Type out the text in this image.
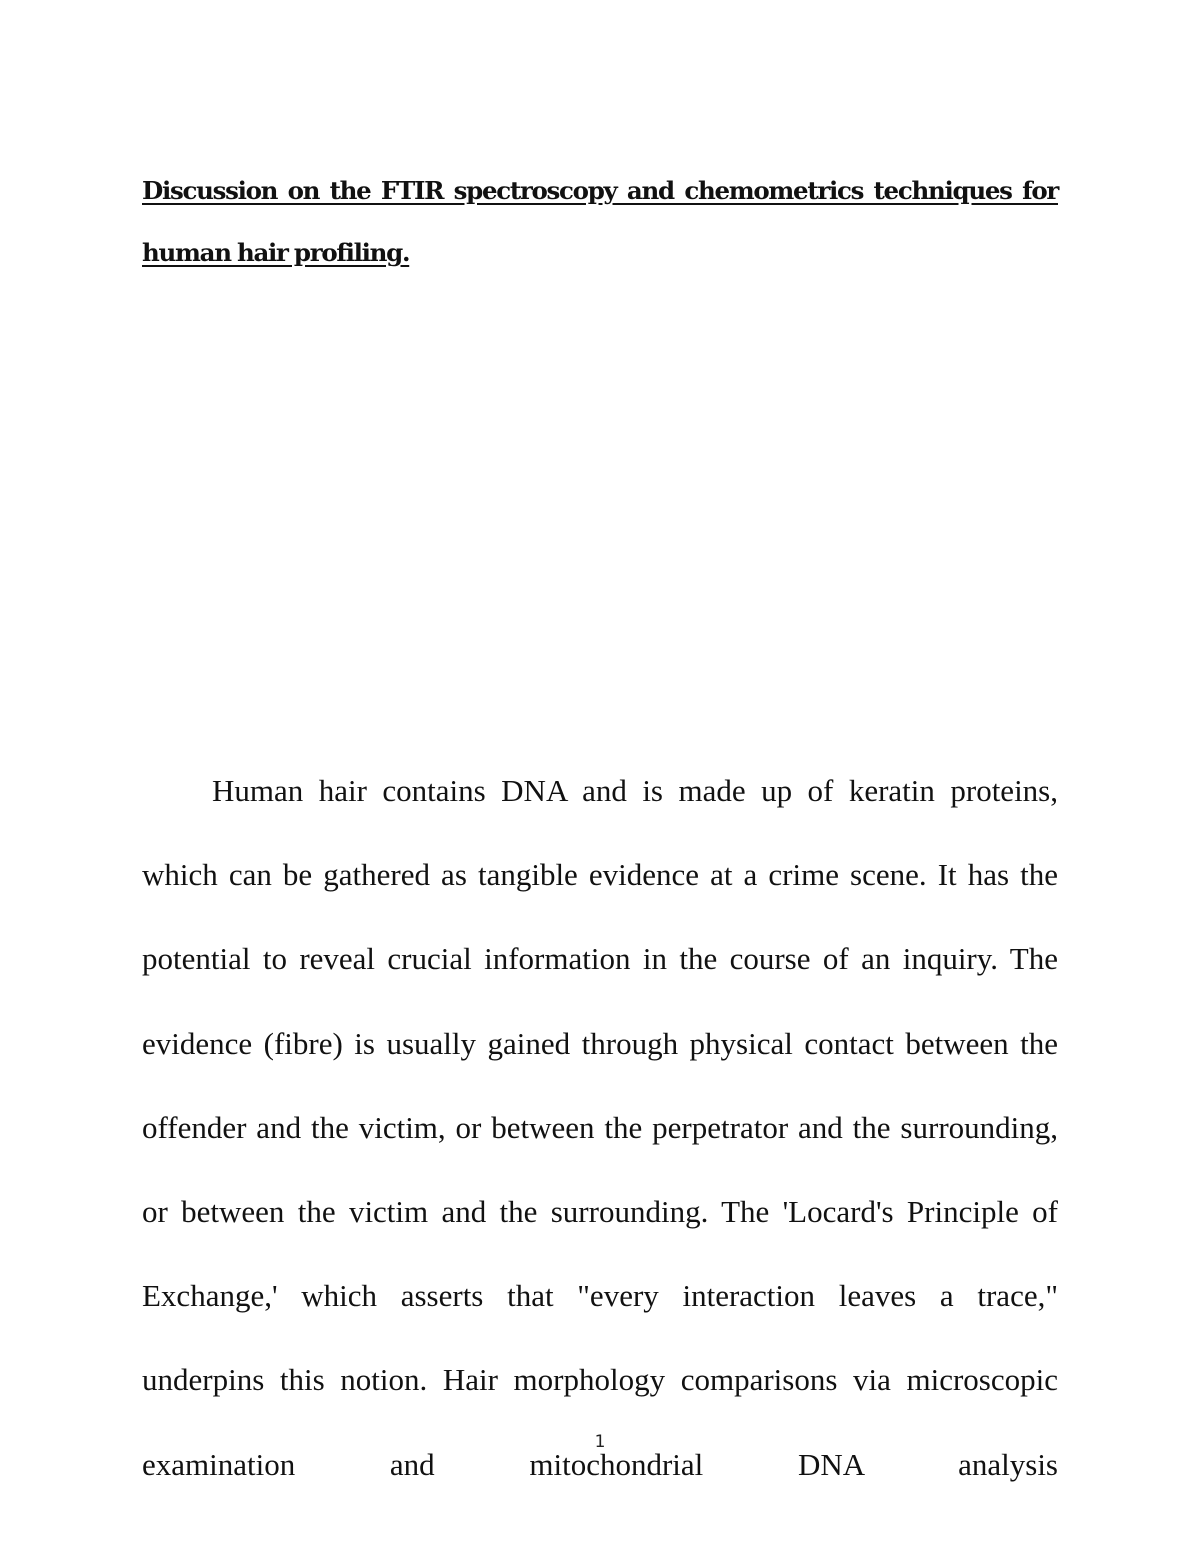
Discussion on the FTIR spectroscopy and chemometrics techniques for human hair profiling.

Human hair contains DNA and is made up of keratin proteins, which can be gathered as tangible evidence at a crime scene. It has the potential to reveal crucial information in the course of an inquiry. The evidence (fibre) is usually gained through physical contact between the offender and the victim, or between the perpetrator and the surrounding, or between the victim and the surrounding. The 'Locard's Principle of Exchange,' which asserts that "every interaction leaves a trace," underpins this notion. Hair morphology comparisons via microscopic examination and mitochondrial DNA analysis

1
